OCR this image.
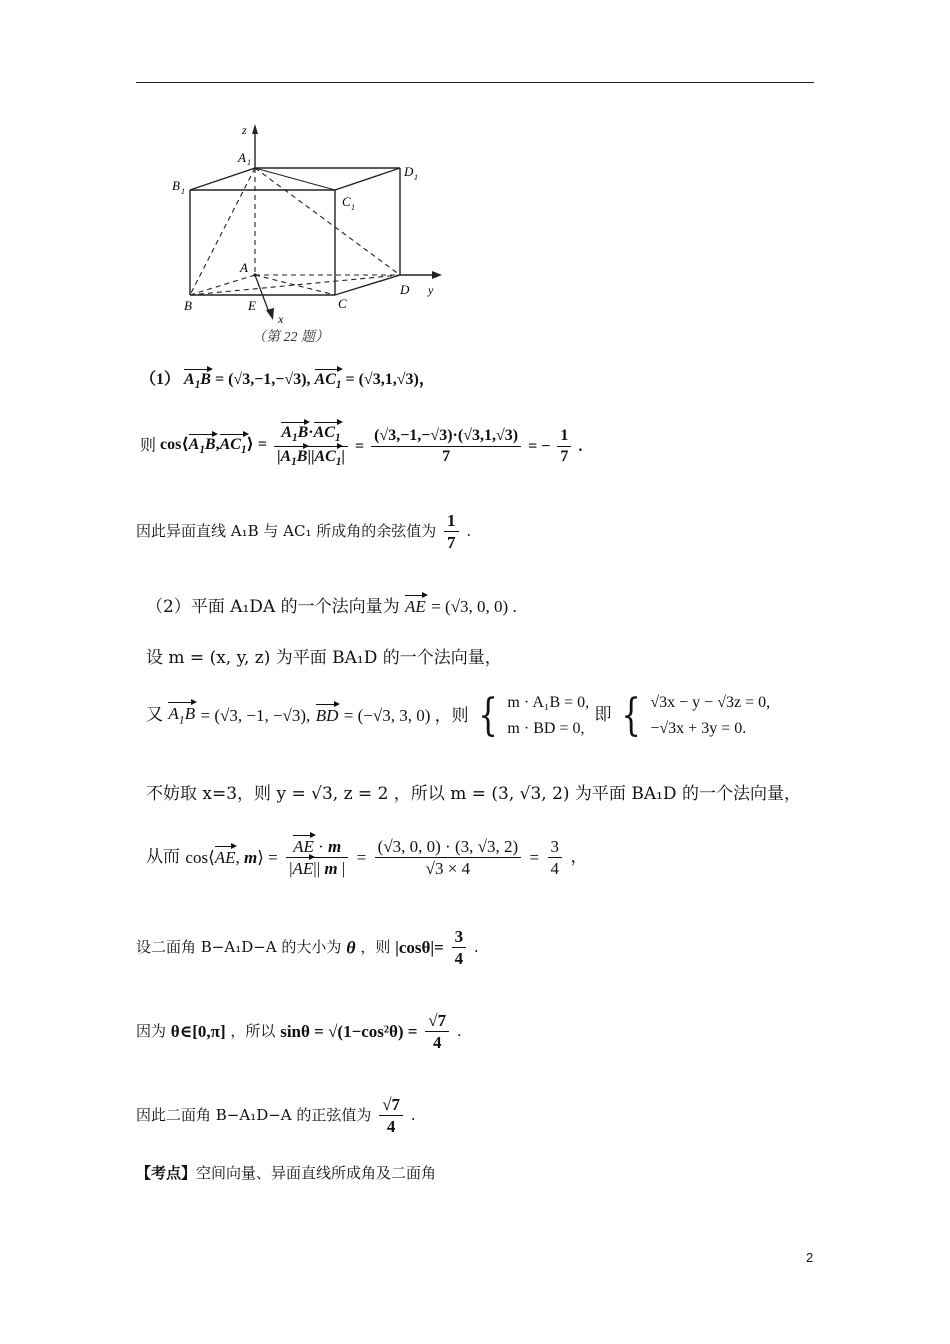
z
A 1
B 1
D 1
C 1
A
B	E	C
D y
x
（第 22 题）
（1） $A_1B = (√3,-1,-√3)$, $AC_1 = (√3,1,√3)$，
则 $\cos⟨A_1B,AC_1⟩ = \frac{A_1B\cdot AC_1}{|A_1B||AC_1|} = \frac{(√3,-1,-√3)\cdot(√3,1,√3)}{7}$ = − $\frac{1}{7}$ .
因此异面直线 A₁B 与 AC₁ 所成角的余弦值为 $\frac{1}{7}$ .
（2）平面 A₁DA 的一个法向量为 AE = (√3, 0, 0) .
设 m = (x, y, z) 为平面 BA₁D 的一个法向量，
又 $A_1B = (√3$, −1, −√3), BD = (−√3, 3, 0) ，则 { m · A₁B = 0,
m · BD = 0,
即 { √3x − y − √3z = 0,
−√3x + 3y = 0.
不妨取 x=3，则 y = √3, z = 2 ，所以 m = (3, √3, 2) 为平面 BA₁D 的一个法向量，
从而 cos⟨AE, m⟩ = $\frac{AE \cdot m}{|AE|| m |} = \frac{(√3, 0, 0) \cdot (3, √3, 2)}{√3 \times 4} = \frac{3}{4}$ ，
设二面角 B−A₁D−A 的大小为 θ ，则 $|\cos\theta|= \frac{3}{4}$ .
因为 θ∈[0,π] ，所以 $\sin\theta = √(1-\cos^2\theta) = \frac{√7}{4}$ .
因此二面角 B−A₁D−A 的正弦值为 $\frac{√7}{4}$ .
【考点】空间向量、异面直线所成角及二面角
2
